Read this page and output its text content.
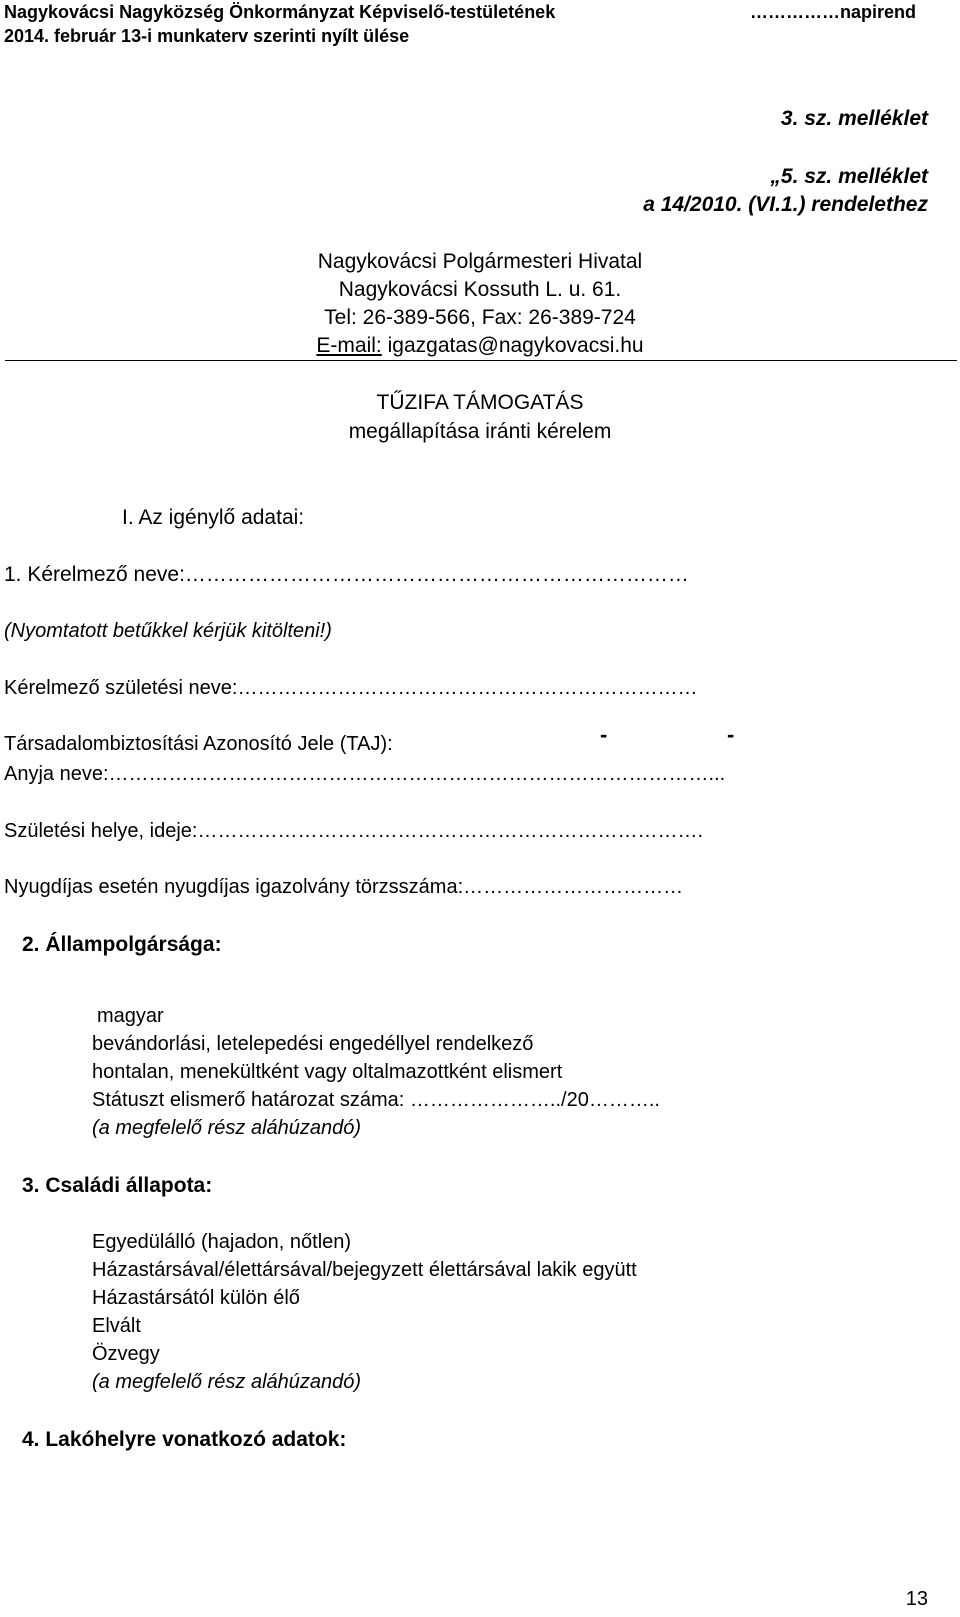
Nagykovácsi Nagyközség Önkormányzat Képviselő-testületének
2014. február 13-i munkaterv szerinti nyílt ülése
……………napirend
3. sz. melléklet
„5. sz. melléklet
a 14/2010. (VI.1.) rendelethez
Nagykovácsi Polgármesteri Hivatal
Nagykovácsi Kossuth L. u. 61.
Tel: 26-389-566, Fax: 26-389-724
E-mail: igazgatas@nagykovacsi.hu
TŰZIFA TÁMOGATÁS
megállapítása iránti kérelem
I. Az igénylő adatai:
1. Kérelmező neve:………………………………………………………………
(Nyomtatott betűkkel kérjük kitölteni!)
Kérelmező születési neve:……………………………………………………………
Társadalombiztosítási Azonosító Jele (TAJ):	-	-
Anyja neve:………………………………………………………………………………...
Születési helye, ideje:………………………………………………………………….
Nyugdíjas esetén nyugdíjas igazolvány törzsszáma:……………………………
2. Állampolgársága:
magyar
bevándorlási, letelepedési engedéllyel rendelkező
hontalan, menekültként vagy oltalmazottként elismert
Státuszt elismerő határozat száma: …………………../20………..
(a megfelelő rész aláhúzandó)
3. Családi állapota:
Egyedülálló (hajadon, nőtlen)
Házastársával/élettársával/bejegyzett élettársával lakik együtt
Házastársától külön élő
Elvált
Özvegy
(a megfelelő rész aláhúzandó)
4. Lakóhelyre vonatkozó adatok:
13
